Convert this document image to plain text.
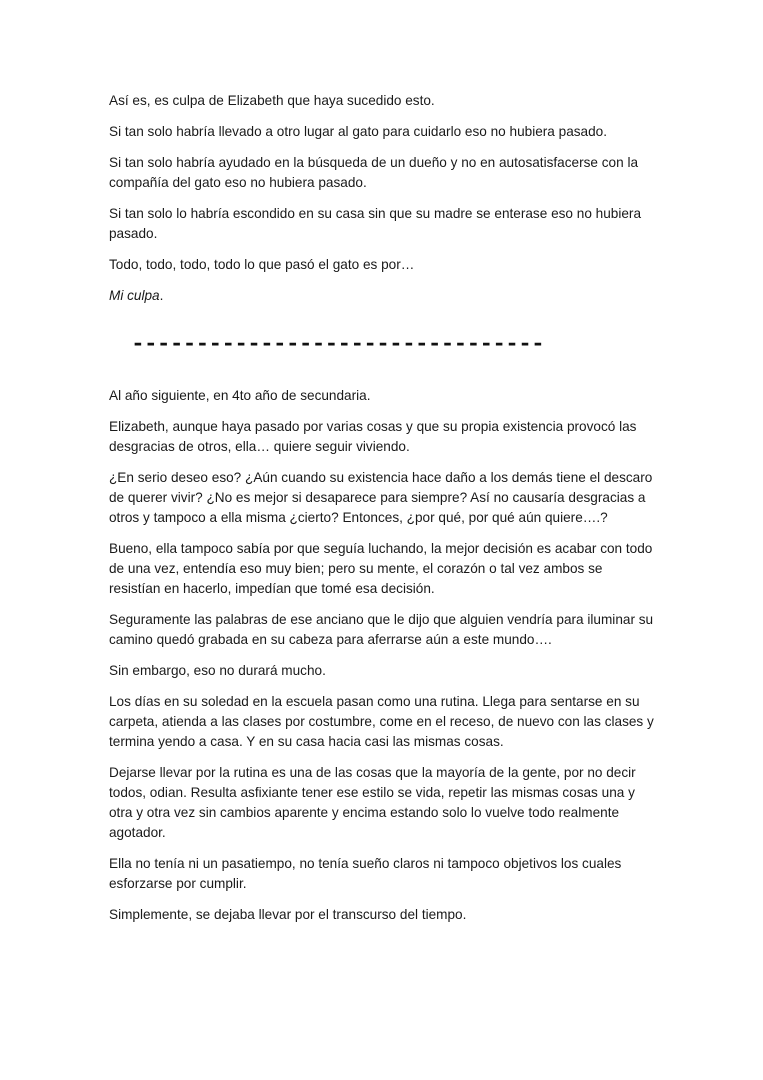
Así es, es culpa de Elizabeth que haya sucedido esto.

Si tan solo habría llevado a otro lugar al gato para cuidarlo eso no hubiera pasado.

Si tan solo habría ayudado en la búsqueda de un dueño y no en autosatisfacerse con la compañía del gato eso no hubiera pasado.

Si tan solo lo habría escondido en su casa sin que su madre se enterase eso no hubiera pasado.

Todo, todo, todo, todo lo que pasó el gato es por…

Mi culpa.

--------------------------------

Al año siguiente, en 4to año de secundaria.

Elizabeth, aunque haya pasado por varias cosas y que su propia existencia provocó las desgracias de otros, ella… quiere seguir viviendo.

¿En serio deseo eso? ¿Aún cuando su existencia hace daño a los demás tiene el descaro de querer vivir? ¿No es mejor si desaparece para siempre? Así no causaría desgracias a otros y tampoco a ella misma ¿cierto? Entonces, ¿por qué, por qué aún quiere….?

Bueno, ella tampoco sabía por que seguía luchando, la mejor decisión es acabar con todo de una vez, entendía eso muy bien; pero su mente, el corazón o tal vez ambos se resistían en hacerlo, impedían que tomé esa decisión.

Seguramente las palabras de ese anciano que le dijo que alguien vendría para iluminar su camino quedó grabada en su cabeza para aferrarse aún a este mundo….

Sin embargo, eso no durará mucho.

Los días en su soledad en la escuela pasan como una rutina. Llega para sentarse en su carpeta, atienda a las clases por costumbre, come en el receso, de nuevo con las clases y termina yendo a casa. Y en su casa hacia casi las mismas cosas.

Dejarse llevar por la rutina es una de las cosas que la mayoría de la gente, por no decir todos, odian. Resulta asfixiante tener ese estilo se vida, repetir las mismas cosas una y otra y otra vez sin cambios aparente y encima estando solo lo vuelve todo realmente agotador.

Ella no tenía ni un pasatiempo, no tenía sueño claros ni tampoco objetivos los cuales esforzarse por cumplir.

Simplemente, se dejaba llevar por el transcurso del tiempo.
